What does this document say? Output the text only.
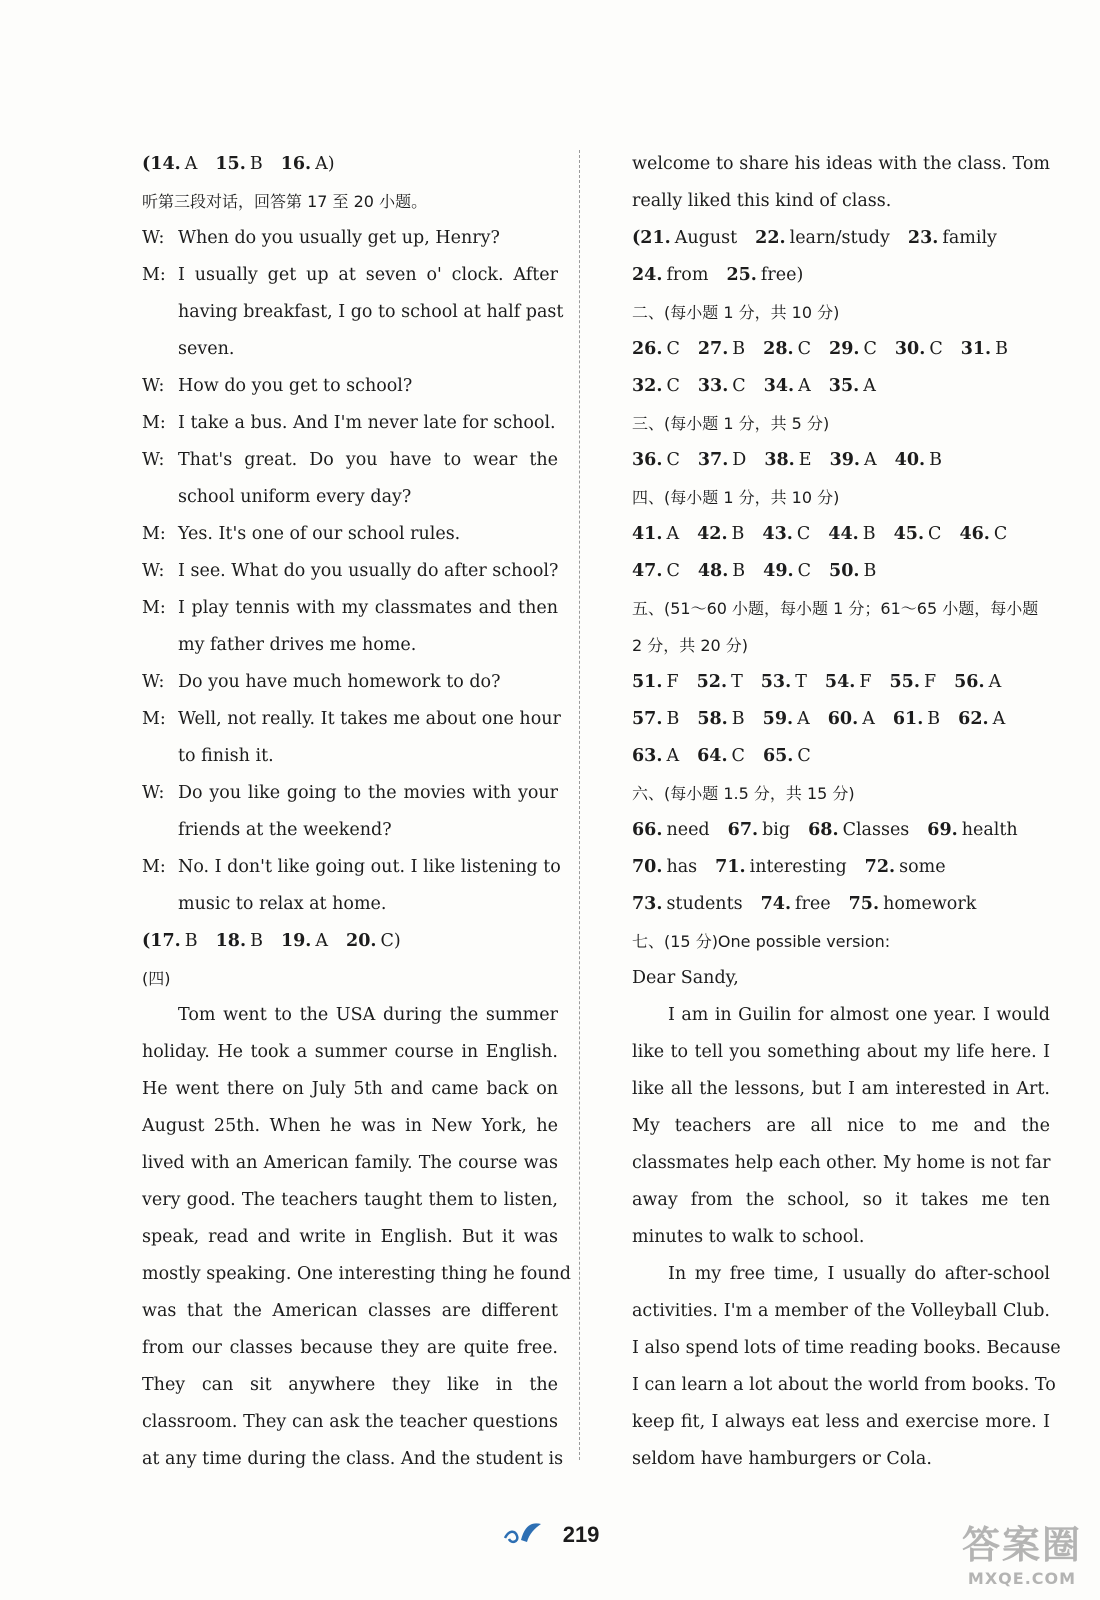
(14. A 15. B 16. A)
听第三段对话，回答第 17 至 20 小题。
W: When do you usually get up, Henry?
M: I usually get up at seven o' clock. After
having breakfast, I go to school at half past
seven.
W: How do you get to school?
M: I take a bus. And I'm never late for school.
W: That's great. Do you have to wear the
school uniform every day?
M: Yes. It's one of our school rules.
W: I see. What do you usually do after school?
M: I play tennis with my classmates and then
my father drives me home.
W: Do you have much homework to do?
M: Well, not really. It takes me about one hour
to finish it.
W: Do you like going to the movies with your
friends at the weekend?
M: No. I don't like going out. I like listening to
music to relax at home.
(17. B 18. B 19. A 20. C)
(四)
Tom went to the USA during the summer
holiday. He took a summer course in English.
He went there on July 5th and came back on
August 25th. When he was in New York, he
lived with an American family. The course was
very good. The teachers taught them to listen,
speak, read and write in English. But it was
mostly speaking. One interesting thing he found
was that the American classes are different
from our classes because they are quite free.
They can sit anywhere they like in the
classroom. They can ask the teacher questions
at any time during the class. And the student is
welcome to share his ideas with the class. Tom
really liked this kind of class.
(21. August 22. learn/study 23. family
24. from 25. free)
二、(每小题 1 分，共 10 分)
26. C 27. B 28. C 29. C 30. C 31. B
32. C 33. C 34. A 35. A
三、(每小题 1 分，共 5 分)
36. C 37. D 38. E 39. A 40. B
四、(每小题 1 分，共 10 分)
41. A 42. B 43. C 44. B 45. C 46. C
47. C 48. B 49. C 50. B
五、(51～60 小题，每小题 1 分；61～65 小题，每小题
2 分，共 20 分)
51. F 52. T 53. T 54. F 55. F 56. A
57. B 58. B 59. A 60. A 61. B 62. A
63. A 64. C 65. C
六、(每小题 1.5 分，共 15 分)
66. need 67. big 68. Classes 69. health
70. has 71. interesting 72. some
73. students 74. free 75. homework
七、(15 分)One possible version:
Dear Sandy,
I am in Guilin for almost one year. I would
like to tell you something about my life here. I
like all the lessons, but I am interested in Art.
My teachers are all nice to me and the
classmates help each other. My home is not far
away from the school, so it takes me ten
minutes to walk to school.
In my free time, I usually do after-school
activities. I'm a member of the Volleyball Club.
I also spend lots of time reading books. Because
I can learn a lot about the world from books. To
keep fit, I always eat less and exercise more. I
seldom have hamburgers or Cola.
219	答案圈
MXQE.COM
